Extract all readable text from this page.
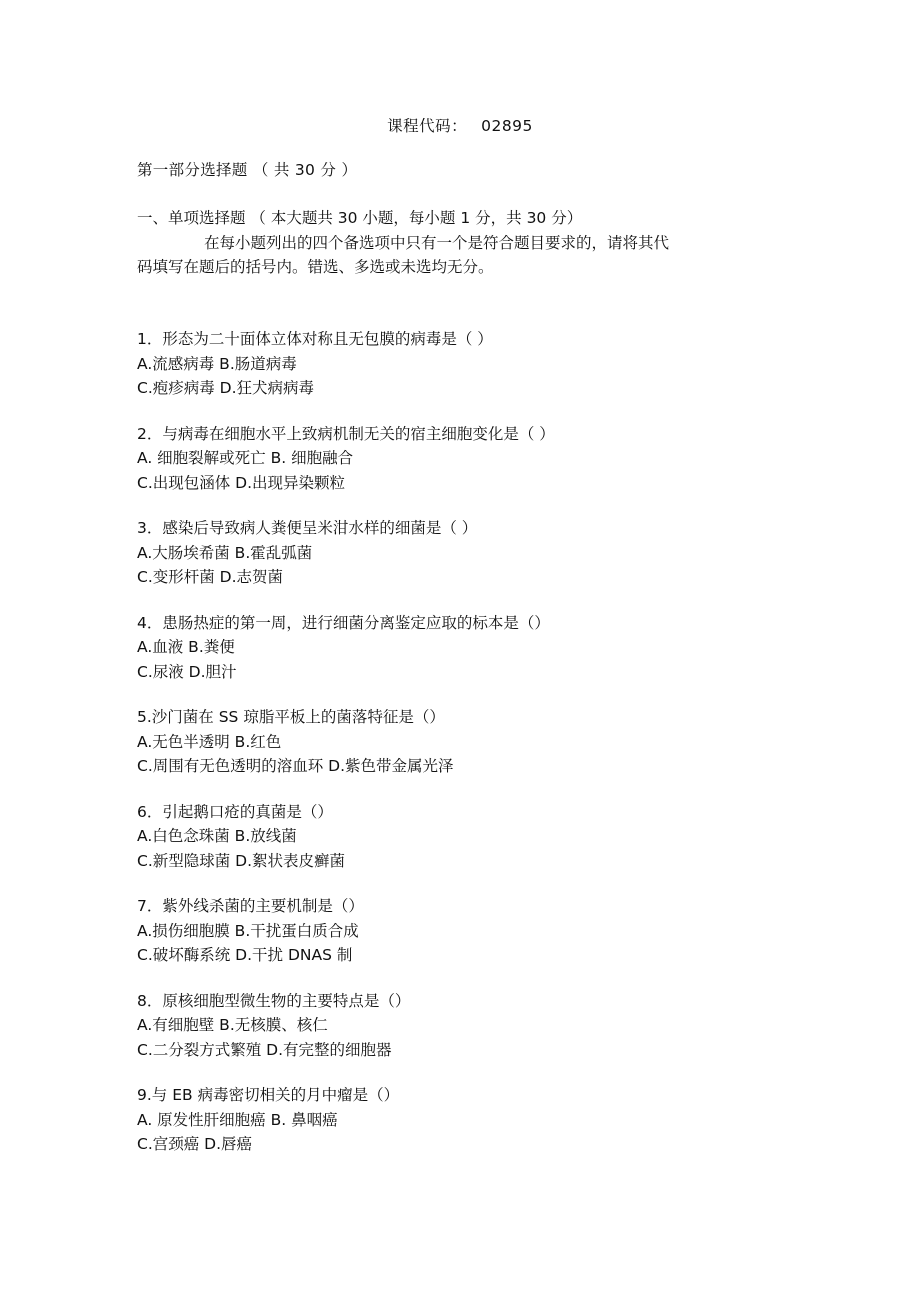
课程代码： 02895
第一部分选择题 （ 共 30 分 ）
一、单项选择题 （ 本大题共 30 小题，每小题 1 分，共 30 分）
在每小题列出的四个备选项中只有一个是符合题目要求的，请将其代
码填写在题后的括号内。错选、多选或未选均无分。

1．形态为二十面体立体对称且无包膜的病毒是（ ）

A.流感病毒 B.肠道病毒

C.疱疹病毒 D.狂犬病病毒

2．与病毒在细胞水平上致病机制无关的宿主细胞变化是（ ）

A. 细胞裂解或死亡 B. 细胞融合

C.出现包涵体 D.出现异染颗粒

3．感染后导致病人粪便呈米泔水样的细菌是（ ）

A.大肠埃希菌 B.霍乱弧菌

C.变形杆菌 D.志贺菌

4．患肠热症的第一周，进行细菌分离鉴定应取的标本是（）

A.血液 B.粪便

C.尿液 D.胆汁

5.沙门菌在 SS 琼脂平板上的菌落特征是（）

A.无色半透明 B.红色

C.周围有无色透明的溶血环 D.紫色带金属光泽

6．引起鹅口疮的真菌是（）

A.白色念珠菌 B.放线菌

C.新型隐球菌 D.絮状表皮癣菌

7．紫外线杀菌的主要机制是（）

A.损伤细胞膜 B.干扰蛋白质合成

C.破坏酶系统 D.干扰 DNAS 制

8．原核细胞型微生物的主要特点是（）

A.有细胞壁 B.无核膜、核仁

C.二分裂方式繁殖 D.有完整的细胞器

9.与 EB 病毒密切相关的月中瘤是（）

A. 原发性肝细胞癌 B. 鼻咽癌

C.宫颈癌 D.唇癌
